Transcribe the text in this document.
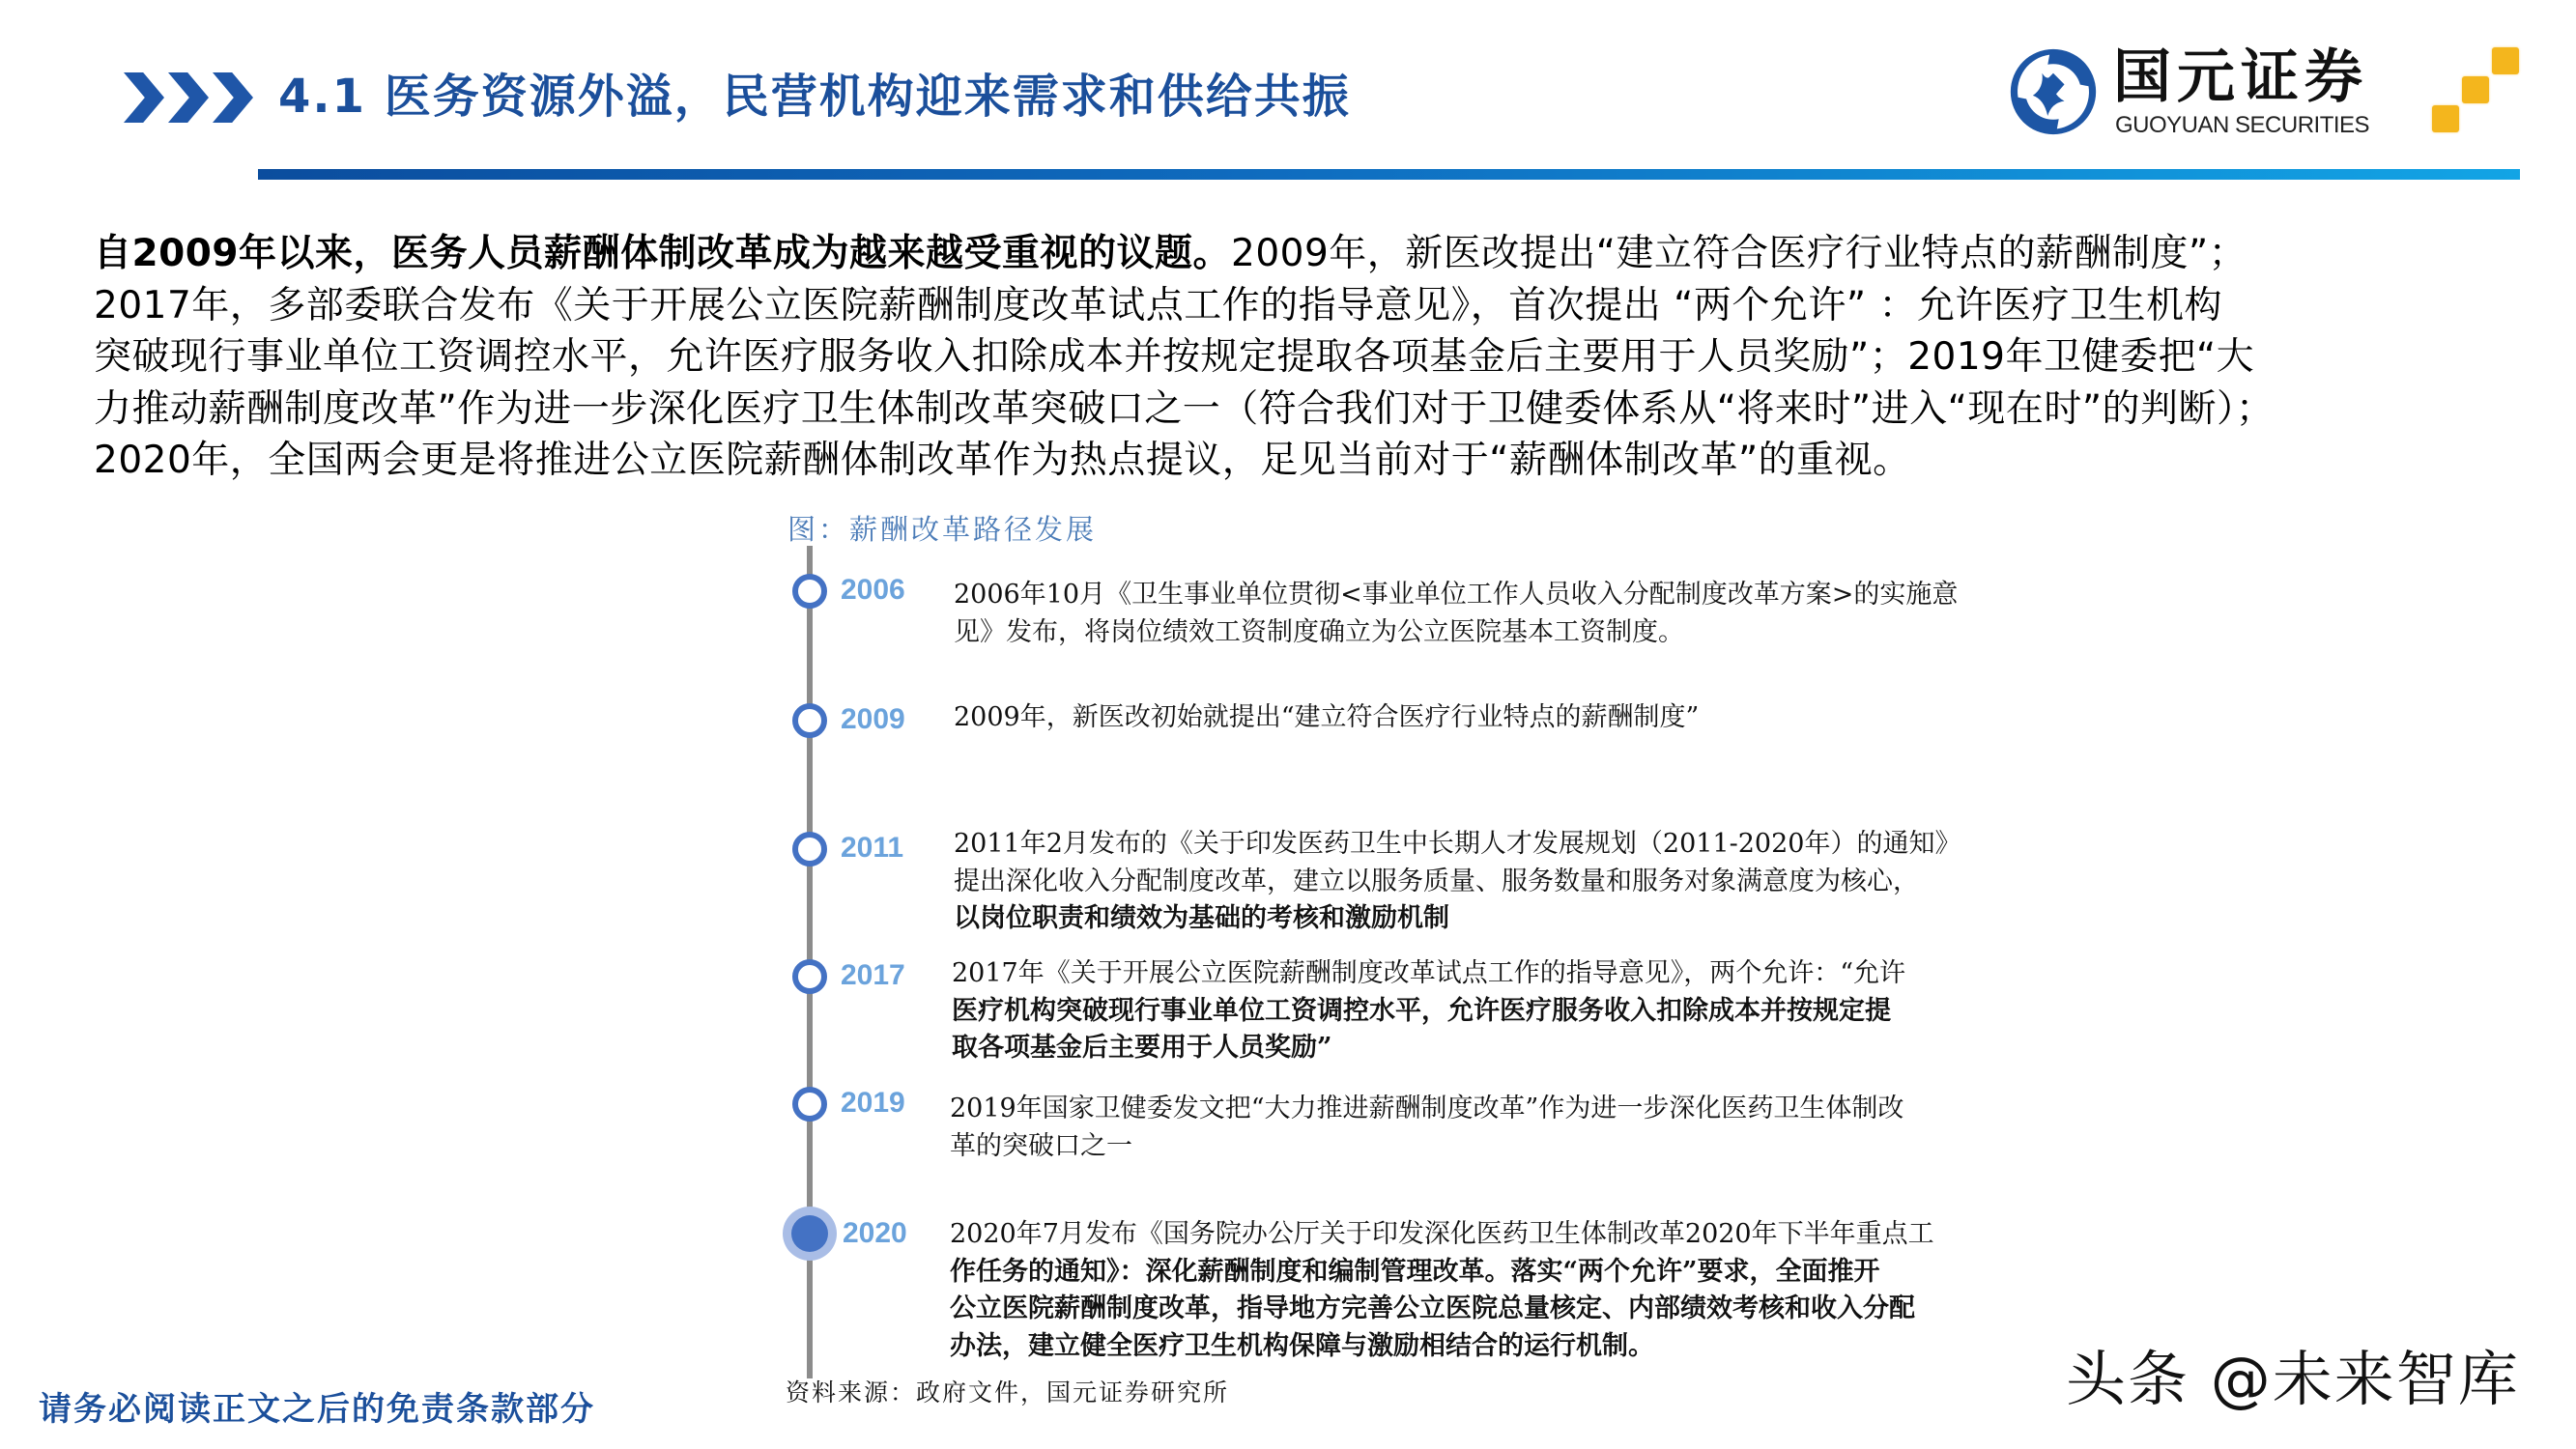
4.1 医务资源外溢，民营机构迎来需求和供给共振	国元证券
GUOYUAN SECURITIES
自2009年以来，医务人员薪酬体制改革成为越来越受重视的议题。2009年，新医改提出“建立符合医疗行业特点的薪酬制度”；
2017年，多部委联合发布《关于开展公立医院薪酬制度改革试点工作的指导意见》，首次提出 “两个允许” ：允许医疗卫生机构
突破现行事业单位工资调控水平，允许医疗服务收入扣除成本并按规定提取各项基金后主要用于人员奖励”；2019年卫健委把“大
力推动薪酬制度改革”作为进一步深化医疗卫生体制改革突破口之一（符合我们对于卫健委体系从“将来时”进入“现在时”的判断）；
2020年，全国两会更是将推进公立医院薪酬体制改革作为热点提议，足见当前对于“薪酬体制改革”的重视。
图：薪酬改革路径发展
2006 2006年10月《卫生事业单位贯彻<事业单位工作人员收入分配制度改革方案>的实施意
见》发布，将岗位绩效工资制度确立为公立医院基本工资制度。
2009 2009年，新医改初始就提出“建立符合医疗行业特点的薪酬制度”
2011 2011年2月发布的《关于印发医药卫生中长期人才发展规划（2011-2020年）的通知》
提出深化收入分配制度改革，建立以服务质量、服务数量和服务对象满意度为核心，
以岗位职责和绩效为基础的考核和激励机制
2017 2017年《关于开展公立医院薪酬制度改革试点工作的指导意见》，两个允许：“允许
医疗机构突破现行事业单位工资调控水平，允许医疗服务收入扣除成本并按规定提
取各项基金后主要用于人员奖励”
2019 2019年国家卫健委发文把“大力推进薪酬制度改革”作为进一步深化医药卫生体制改
革的突破口之一
2020 2020年7月发布《国务院办公厅关于印发深化医药卫生体制改革2020年下半年重点工
作任务的通知》：深化薪酬制度和编制管理改革。落实“两个允许”要求，全面推开
公立医院薪酬制度改革，指导地方完善公立医院总量核定、内部绩效考核和收入分配
办法，建立健全医疗卫生机构保障与激励相结合的运行机制。
资料来源：政府文件，国元证券研究所
请务必阅读正文之后的免责条款部分	头条 @未来智库
